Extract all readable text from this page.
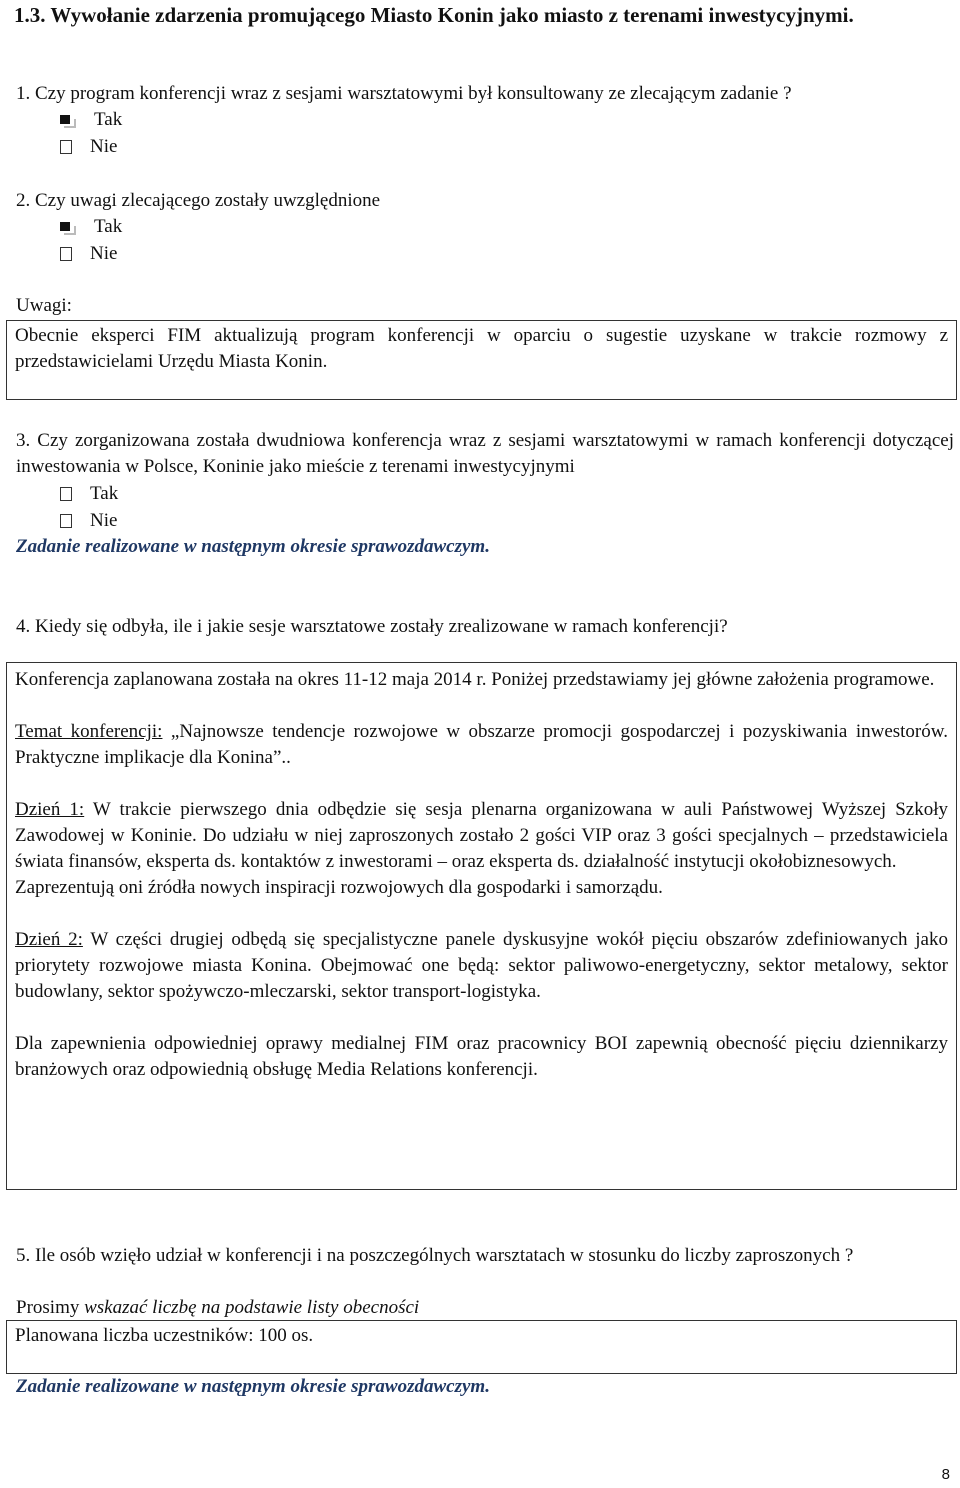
1.3. Wywołanie zdarzenia promującego Miasto Konin jako miasto z terenami inwestycyjnymi.
1. Czy program konferencji wraz z sesjami warsztatowymi był konsultowany ze zlecającym zadanie ?
Tak
Nie
2. Czy uwagi zlecającego zostały uwzględnione
Tak
Nie
Uwagi:
Obecnie eksperci FIM aktualizują program konferencji w oparciu o sugestie uzyskane w trakcie rozmowy z przedstawicielami Urzędu Miasta Konin.
3. Czy zorganizowana została dwudniowa konferencja wraz z sesjami warsztatowymi w ramach konferencji dotyczącej inwestowania w Polsce, Koninie jako mieście z terenami inwestycyjnymi
Tak
Nie
Zadanie realizowane w następnym okresie sprawozdawczym.
4. Kiedy się odbyła, ile i jakie sesje warsztatowe zostały zrealizowane w ramach konferencji?

Konferencja zaplanowana została na okres 11-12 maja 2014 r. Poniżej przedstawiamy jej główne założenia programowe.

Temat konferencji: „Najnowsze tendencje rozwojowe w obszarze promocji gospodarczej i pozyskiwania inwestorów. Praktyczne implikacje dla Konina”..

Dzień 1: W trakcie pierwszego dnia odbędzie się sesja plenarna organizowana w auli Państwowej Wyższej Szkoły Zawodowej w Koninie. Do udziału w niej zaproszonych zostało 2 gości VIP oraz 3 gości specjalnych – przedstawiciela świata finansów, eksperta ds. kontaktów z inwestorami – oraz eksperta ds. działalność instytucji okołobiznesowych.

Zaprezentują oni źródła nowych inspiracji rozwojowych dla gospodarki i samorządu.

Dzień 2: W części drugiej odbędą się specjalistyczne panele dyskusyjne wokół pięciu obszarów zdefiniowanych jako priorytety rozwojowe miasta Konina. Obejmować one będą: sektor paliwowo-energetyczny, sektor metalowy, sektor budowlany, sektor spożywczo-mleczarski, sektor transport-logistyka.

Dla zapewnienia odpowiedniej oprawy medialnej FIM oraz pracownicy BOI zapewnią obecność pięciu dziennikarzy branżowych oraz odpowiednią obsługę Media Relations konferencji.

5. Ile osób wzięło udział w konferencji i na poszczególnych warsztatach w stosunku do liczby zaproszonych ?
Prosimy wskazać liczbę na podstawie listy obecności
Planowana liczba uczestników: 100 os.
Zadanie realizowane w następnym okresie sprawozdawczym.
8
